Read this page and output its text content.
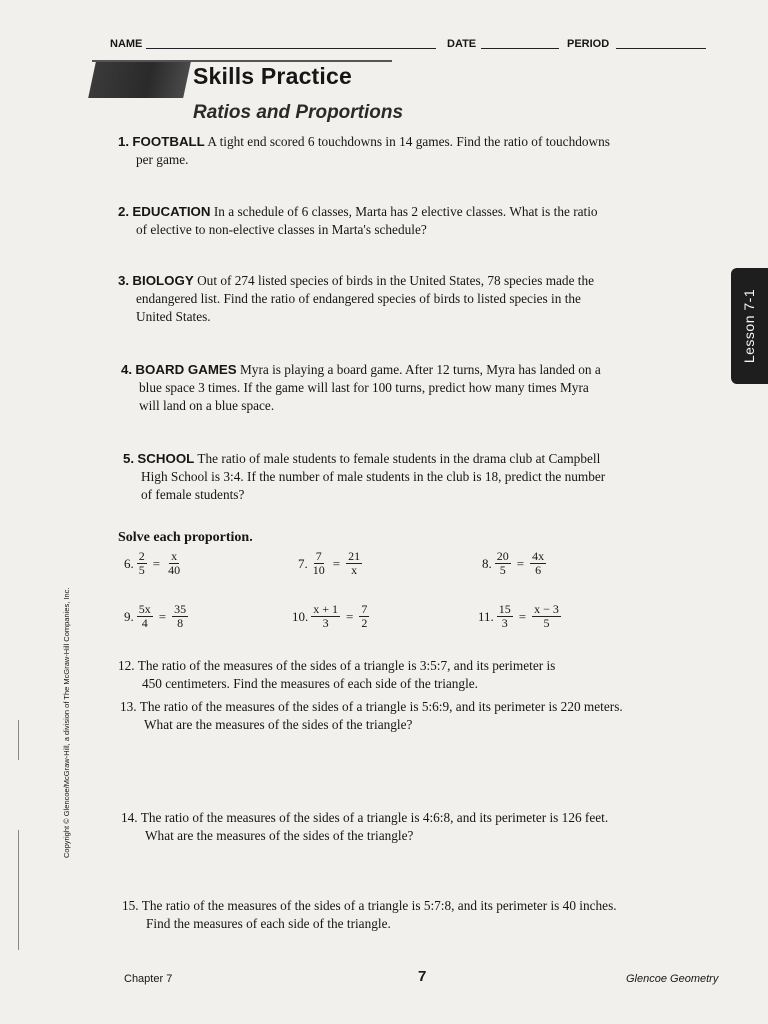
NAME	DATE	PERIOD
Skills Practice
Ratios and Proportions
1. FOOTBALL A tight end scored 6 touchdowns in 14 games. Find the ratio of touchdowns
per game.
2. EDUCATION In a schedule of 6 classes, Marta has 2 elective classes. What is the ratio
of elective to non-elective classes in Marta's schedule?
3. BIOLOGY Out of 274 listed species of birds in the United States, 78 species made the
endangered list. Find the ratio of endangered species of birds to listed species in the
United States.
4. BOARD GAMES Myra is playing a board game. After 12 turns, Myra has landed on a
blue space 3 times. If the game will last for 100 turns, predict how many times Myra
will land on a blue space.
5. SCHOOL The ratio of male students to female students in the drama club at Campbell
High School is 3:4. If the number of male students in the club is 18, predict the number
of female students?
Solve each proportion.
6. $\frac{2}{5} = \frac{x}{40}$	7. $\frac{7}{10} = \frac{21}{x}$	8. $\frac{20}{5} = \frac{4x}{6}$
9. $\frac{5x}{4} = \frac{35}{8}$	10. $\frac{x + 1}{3} = \frac{7}{2}$	11. $\frac{15}{3} = \frac{x - 3}{5}$
12. The ratio of the measures of the sides of a triangle is 3:5:7, and its perimeter is
450 centimeters. Find the measures of each side of the triangle.
13. The ratio of the measures of the sides of a triangle is 5:6:9, and its perimeter is 220 meters.
What are the measures of the sides of the triangle?
14. The ratio of the measures of the sides of a triangle is 4:6:8, and its perimeter is 126 feet.
What are the measures of the sides of the triangle?
15. The ratio of the measures of the sides of a triangle is 5:7:8, and its perimeter is 40 inches.
Find the measures of each side of the triangle.
Lesson 7-1
Copyright © Glencoe/McGraw-Hill, a division of The McGraw-Hill Companies, Inc.
Chapter 7	7	Glencoe Geometry
